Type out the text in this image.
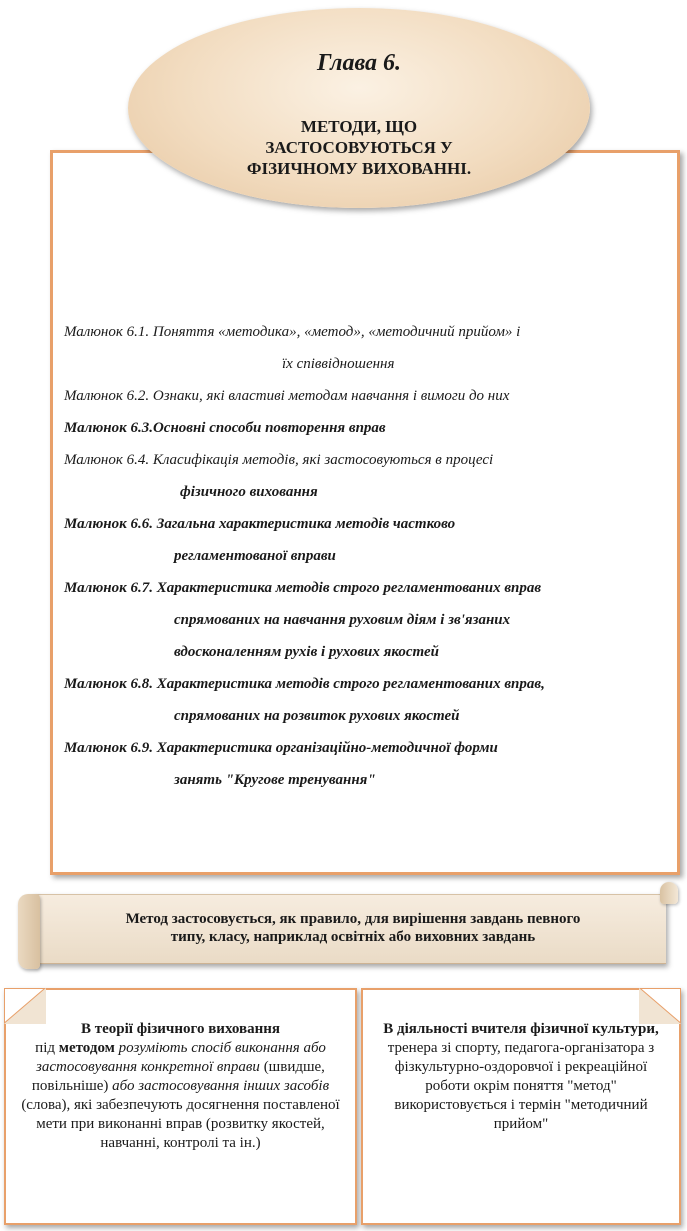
Глава 6.
МЕТОДИ, ЩО
ЗАСТОСОВУЮТЬСЯ У
ФІЗИЧНОМУ ВИХОВАННІ.
Малюнок 6.1. Поняття «методика», «метод», «методичний прийом» і
їх співвідношення
Малюнок 6.2. Ознаки, які властиві методам навчання і вимоги до них
Малюнок 6.3.Основні способи повторення вправ
Малюнок 6.4. Класифікація методів, які застосовуються в процесі
фізичного виховання
Малюнок 6.6. Загальна характеристика методів частково
регламентованої вправи
Малюнок 6.7. Характеристика методів строго регламентованих вправ
спрямованих на навчання руховим діям і зв'язаних
вдосконаленням рухів і рухових якостей
Малюнок 6.8. Характеристика методів строго регламентованих вправ,
спрямованих на розвиток рухових якостей
Малюнок 6.9. Характеристика організаційно-методичної форми
занять "Кругове тренування"
Метод застосовується, як правило, для вирішення завдань певного
типу, класу, наприклад освітніх або виховних завдань
В теорії фізичного виховання
під методом розуміють спосіб виконання або застосовування конкретної вправи (швидше, повільніше) або застосовування інших засобів (слова), які забезпечують досягнення поставленої мети при виконанні вправ (розвитку якостей, навчанні, контролі та ін.)
В діяльності вчителя фізичної культури,
тренера зі спорту, педагога-організатора з фізкультурно-оздоровчої і рекреаційної роботи окрім поняття "метод" використовується і термін "методичний прийом"
